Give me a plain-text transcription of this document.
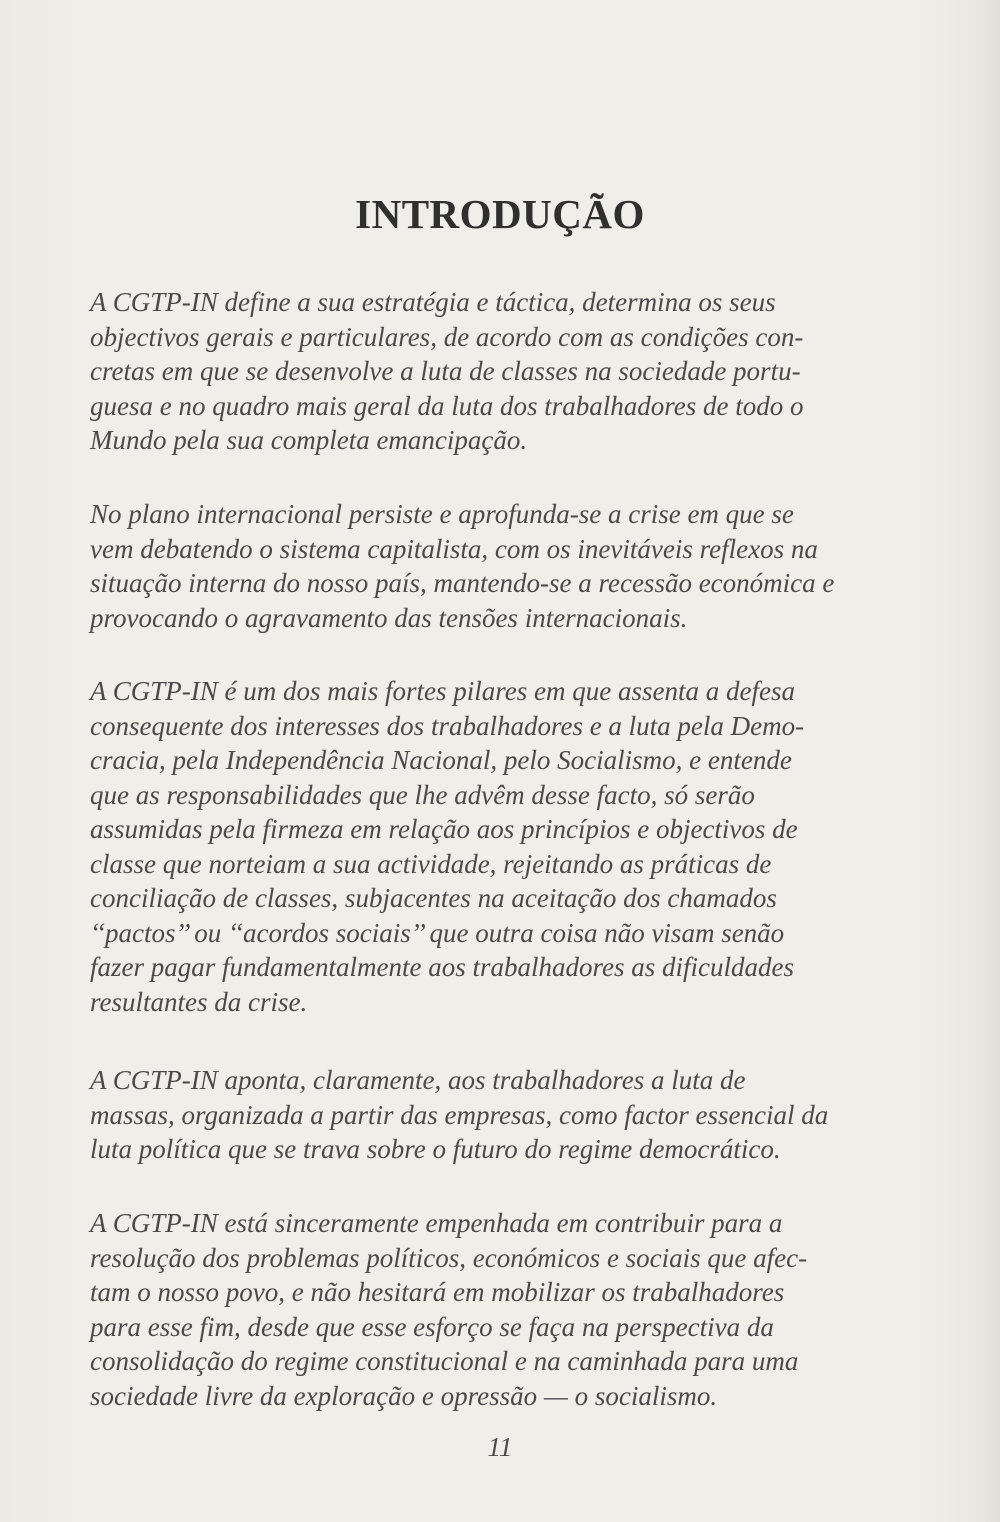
INTRODUÇÃO

A CGTP-IN define a sua estratégia e táctica, determina os seus
objectivos gerais e particulares, de acordo com as condições con-
cretas em que se desenvolve a luta de classes na sociedade portu-
guesa e no quadro mais geral da luta dos trabalhadores de todo o
Mundo pela sua completa emancipação.

No plano internacional persiste e aprofunda-se a crise em que se
vem debatendo o sistema capitalista, com os inevitáveis reflexos na
situação interna do nosso país, mantendo-se a recessão económica e
provocando o agravamento das tensões internacionais.

A CGTP-IN é um dos mais fortes pilares em que assenta a defesa
consequente dos interesses dos trabalhadores e a luta pela Demo-
cracia, pela Independência Nacional, pelo Socialismo, e entende
que as responsabilidades que lhe advêm desse facto, só serão
assumidas pela firmeza em relação aos princípios e objectivos de
classe que norteiam a sua actividade, rejeitando as práticas de
conciliação de classes, subjacentes na aceitação dos chamados
‘‘pactos’’ ou ‘‘acordos sociais’’ que outra coisa não visam senão
fazer pagar fundamentalmente aos trabalhadores as dificuldades
resultantes da crise.

A CGTP-IN aponta, claramente, aos trabalhadores a luta de
massas, organizada a partir das empresas, como factor essencial da
luta política que se trava sobre o futuro do regime democrático.

A CGTP-IN está sinceramente empenhada em contribuir para a
resolução dos problemas políticos, económicos e sociais que afec-
tam o nosso povo, e não hesitará em mobilizar os trabalhadores
para esse fim, desde que esse esforço se faça na perspectiva da
consolidação do regime constitucional e na caminhada para uma
sociedade livre da exploração e opressão — o socialismo.

11
